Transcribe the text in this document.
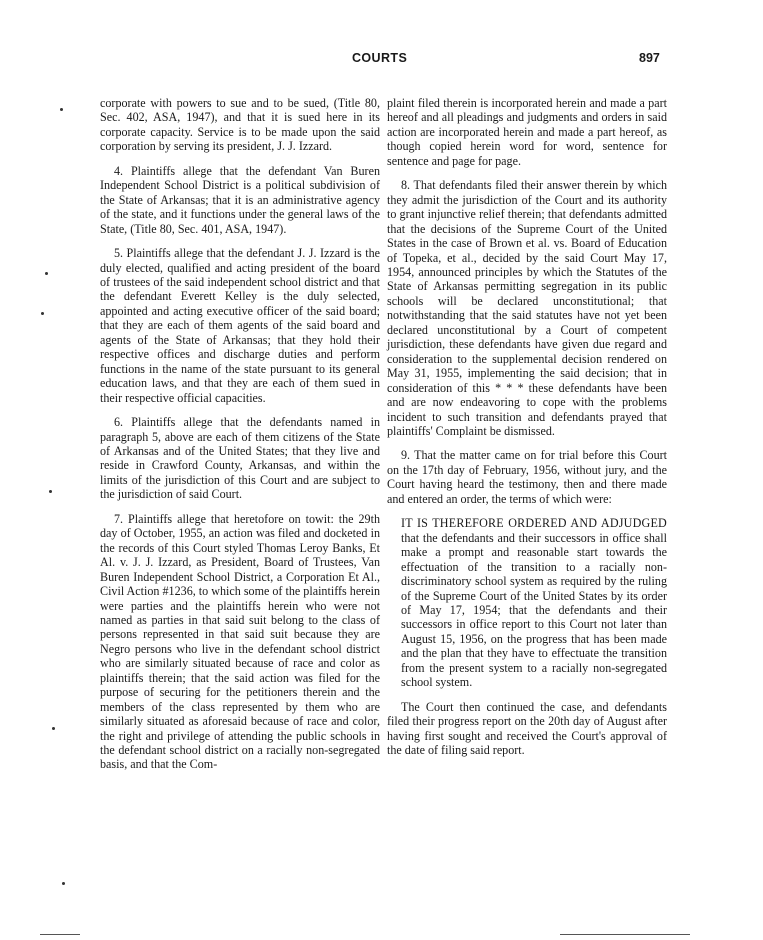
COURTS	897

corporate with powers to sue and to be sued, (Title 80, Sec. 402, ASA, 1947), and that it is sued here in its corporate capacity. Service is to be made upon the said corporation by serving its president, J. J. Izzard.

4. Plaintiffs allege that the defendant Van Buren Independent School District is a political subdivision of the State of Arkansas; that it is an administrative agency of the state, and it functions under the general laws of the State, (Title 80, Sec. 401, ASA, 1947).

5. Plaintiffs allege that the defendant J. J. Izzard is the duly elected, qualified and acting president of the board of trustees of the said independent school district and that the defendant Everett Kelley is the duly selected, appointed and acting executive officer of the said board; that they are each of them agents of the said board and agents of the State of Arkansas; that they hold their respective offices and discharge duties and perform functions in the name of the state pursuant to its general education laws, and that they are each of them sued in their respective official capacities.

6. Plaintiffs allege that the defendants named in paragraph 5, above are each of them citizens of the State of Arkansas and of the United States; that they live and reside in Crawford County, Arkansas, and within the limits of the jurisdiction of this Court and are subject to the jurisdiction of said Court.

7. Plaintiffs allege that heretofore on towit: the 29th day of October, 1955, an action was filed and docketed in the records of this Court styled Thomas Leroy Banks, Et Al. v. J. J. Izzard, as President, Board of Trustees, Van Buren Independent School District, a Corporation Et Al., Civil Action #1236, to which some of the plaintiffs herein were parties and the plaintiffs herein who were not named as parties in that said suit belong to the class of persons represented in that said suit because they are Negro persons who live in the defendant school district who are similarly situated because of race and color as plaintiffs therein; that the said action was filed for the purpose of securing for the petitioners therein and the members of the class represented by them who are similarly situated as aforesaid because of race and color, the right and privilege of attending the public schools in the defendant school district on a racially non-segregated basis, and that the Com-

plaint filed therein is incorporated herein and made a part hereof and all pleadings and judgments and orders in said action are incorporated herein and made a part hereof, as though copied herein word for word, sentence for sentence and page for page.

8. That defendants filed their answer therein by which they admit the jurisdiction of the Court and its authority to grant injunctive relief therein; that defendants admitted that the decisions of the Supreme Court of the United States in the case of Brown et al. vs. Board of Education of Topeka, et al., decided by the said Court May 17, 1954, announced principles by which the Statutes of the State of Arkansas permitting segregation in its public schools will be declared unconstitutional; that notwithstanding that the said statutes have not yet been declared unconstitutional by a Court of competent jurisdiction, these defendants have given due regard and consideration to the supplemental decision rendered on May 31, 1955, implementing the said decision; that in consideration of this * * * these defendants have been and are now endeavoring to cope with the problems incident to such transition and defendants prayed that plaintiffs' Complaint be dismissed.

9. That the matter came on for trial before this Court on the 17th day of February, 1956, without jury, and the Court having heard the testimony, then and there made and entered an order, the terms of which were:

IT IS THEREFORE ORDERED AND ADJUDGED that the defendants and their successors in office shall make a prompt and reasonable start towards the effectuation of the transition to a racially non-discriminatory school system as required by the ruling of the Supreme Court of the United States by its order of May 17, 1954; that the defendants and their successors in office report to this Court not later than August 15, 1956, on the progress that has been made and the plan that they have to effectuate the transition from the present system to a racially non-segregated school system.

The Court then continued the case, and defendants filed their progress report on the 20th day of August after having first sought and received the Court's approval of the date of filing said report.
